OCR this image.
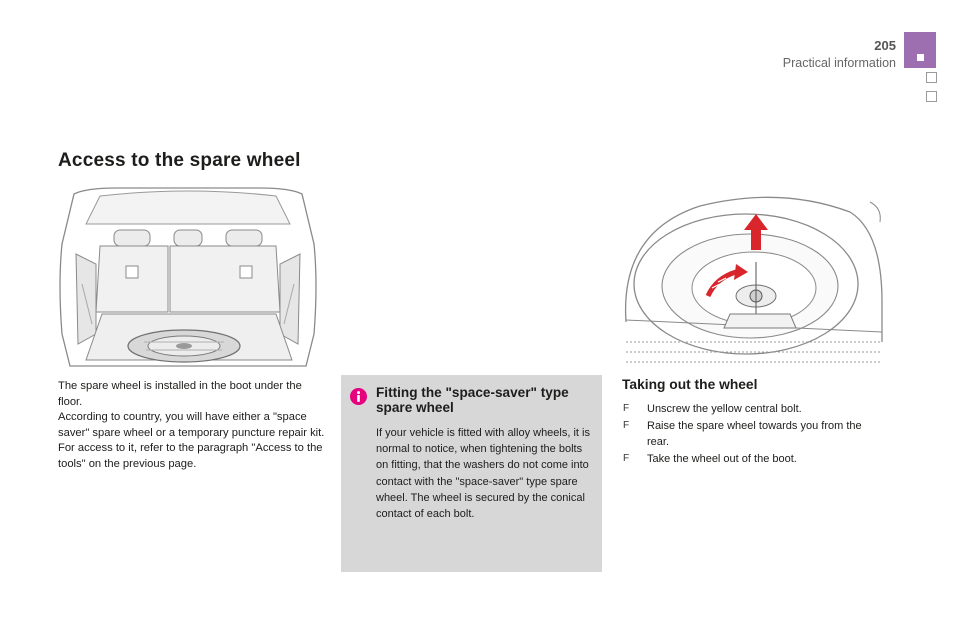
205
Practical information
Access to the spare wheel

The spare wheel is installed in the boot under the floor.

According to country, you will have either a "space saver" spare wheel or a temporary puncture repair kit.

For access to it, refer to the paragraph "Access to the tools" on the previous page.

Fitting the "space-saver" type spare wheel
If your vehicle is fitted with alloy wheels, it is normal to notice, when tightening the bolts on fitting, that the washers do not come into contact with the "space-saver" type spare wheel. The wheel is secured by the conical contact of each bolt.
Taking out the wheel
F Unscrew the yellow central bolt.
F Raise the spare wheel towards you from the rear.
F Take the wheel out of the boot.
